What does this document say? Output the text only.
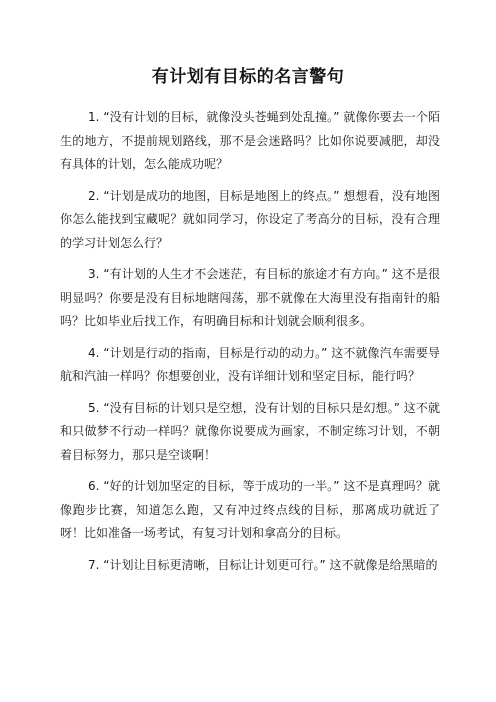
有计划有目标的名言警句
1. “没有计划的目标，就像没头苍蝇到处乱撞。” 就像你要去一个陌生的地方，不提前规划路线，那不是会迷路吗？比如你说要减肥，却没有具体的计划，怎么能成功呢？
2. “计划是成功的地图，目标是地图上的终点。” 想想看，没有地图你怎么能找到宝藏呢？就如同学习，你设定了考高分的目标，没有合理的学习计划怎么行？
3. “有计划的人生才不会迷茫，有目标的旅途才有方向。” 这不是很明显吗？你要是没有目标地瞎闯荡，那不就像在大海里没有指南针的船吗？比如毕业后找工作，有明确目标和计划就会顺利很多。
4. “计划是行动的指南，目标是行动的动力。” 这不就像汽车需要导航和汽油一样吗？你想要创业，没有详细计划和坚定目标，能行吗？
5. “没有目标的计划只是空想，没有计划的目标只是幻想。” 这不就和只做梦不行动一样吗？就像你说要成为画家，不制定练习计划，不朝着目标努力，那只是空谈啊！
6. “好的计划加坚定的目标，等于成功的一半。” 这不是真理吗？就像跑步比赛，知道怎么跑，又有冲过终点线的目标，那离成功就近了呀！比如准备一场考试，有复习计划和拿高分的目标。
7. “计划让目标更清晰，目标让计划更可行。” 这不就像是给黑暗的
